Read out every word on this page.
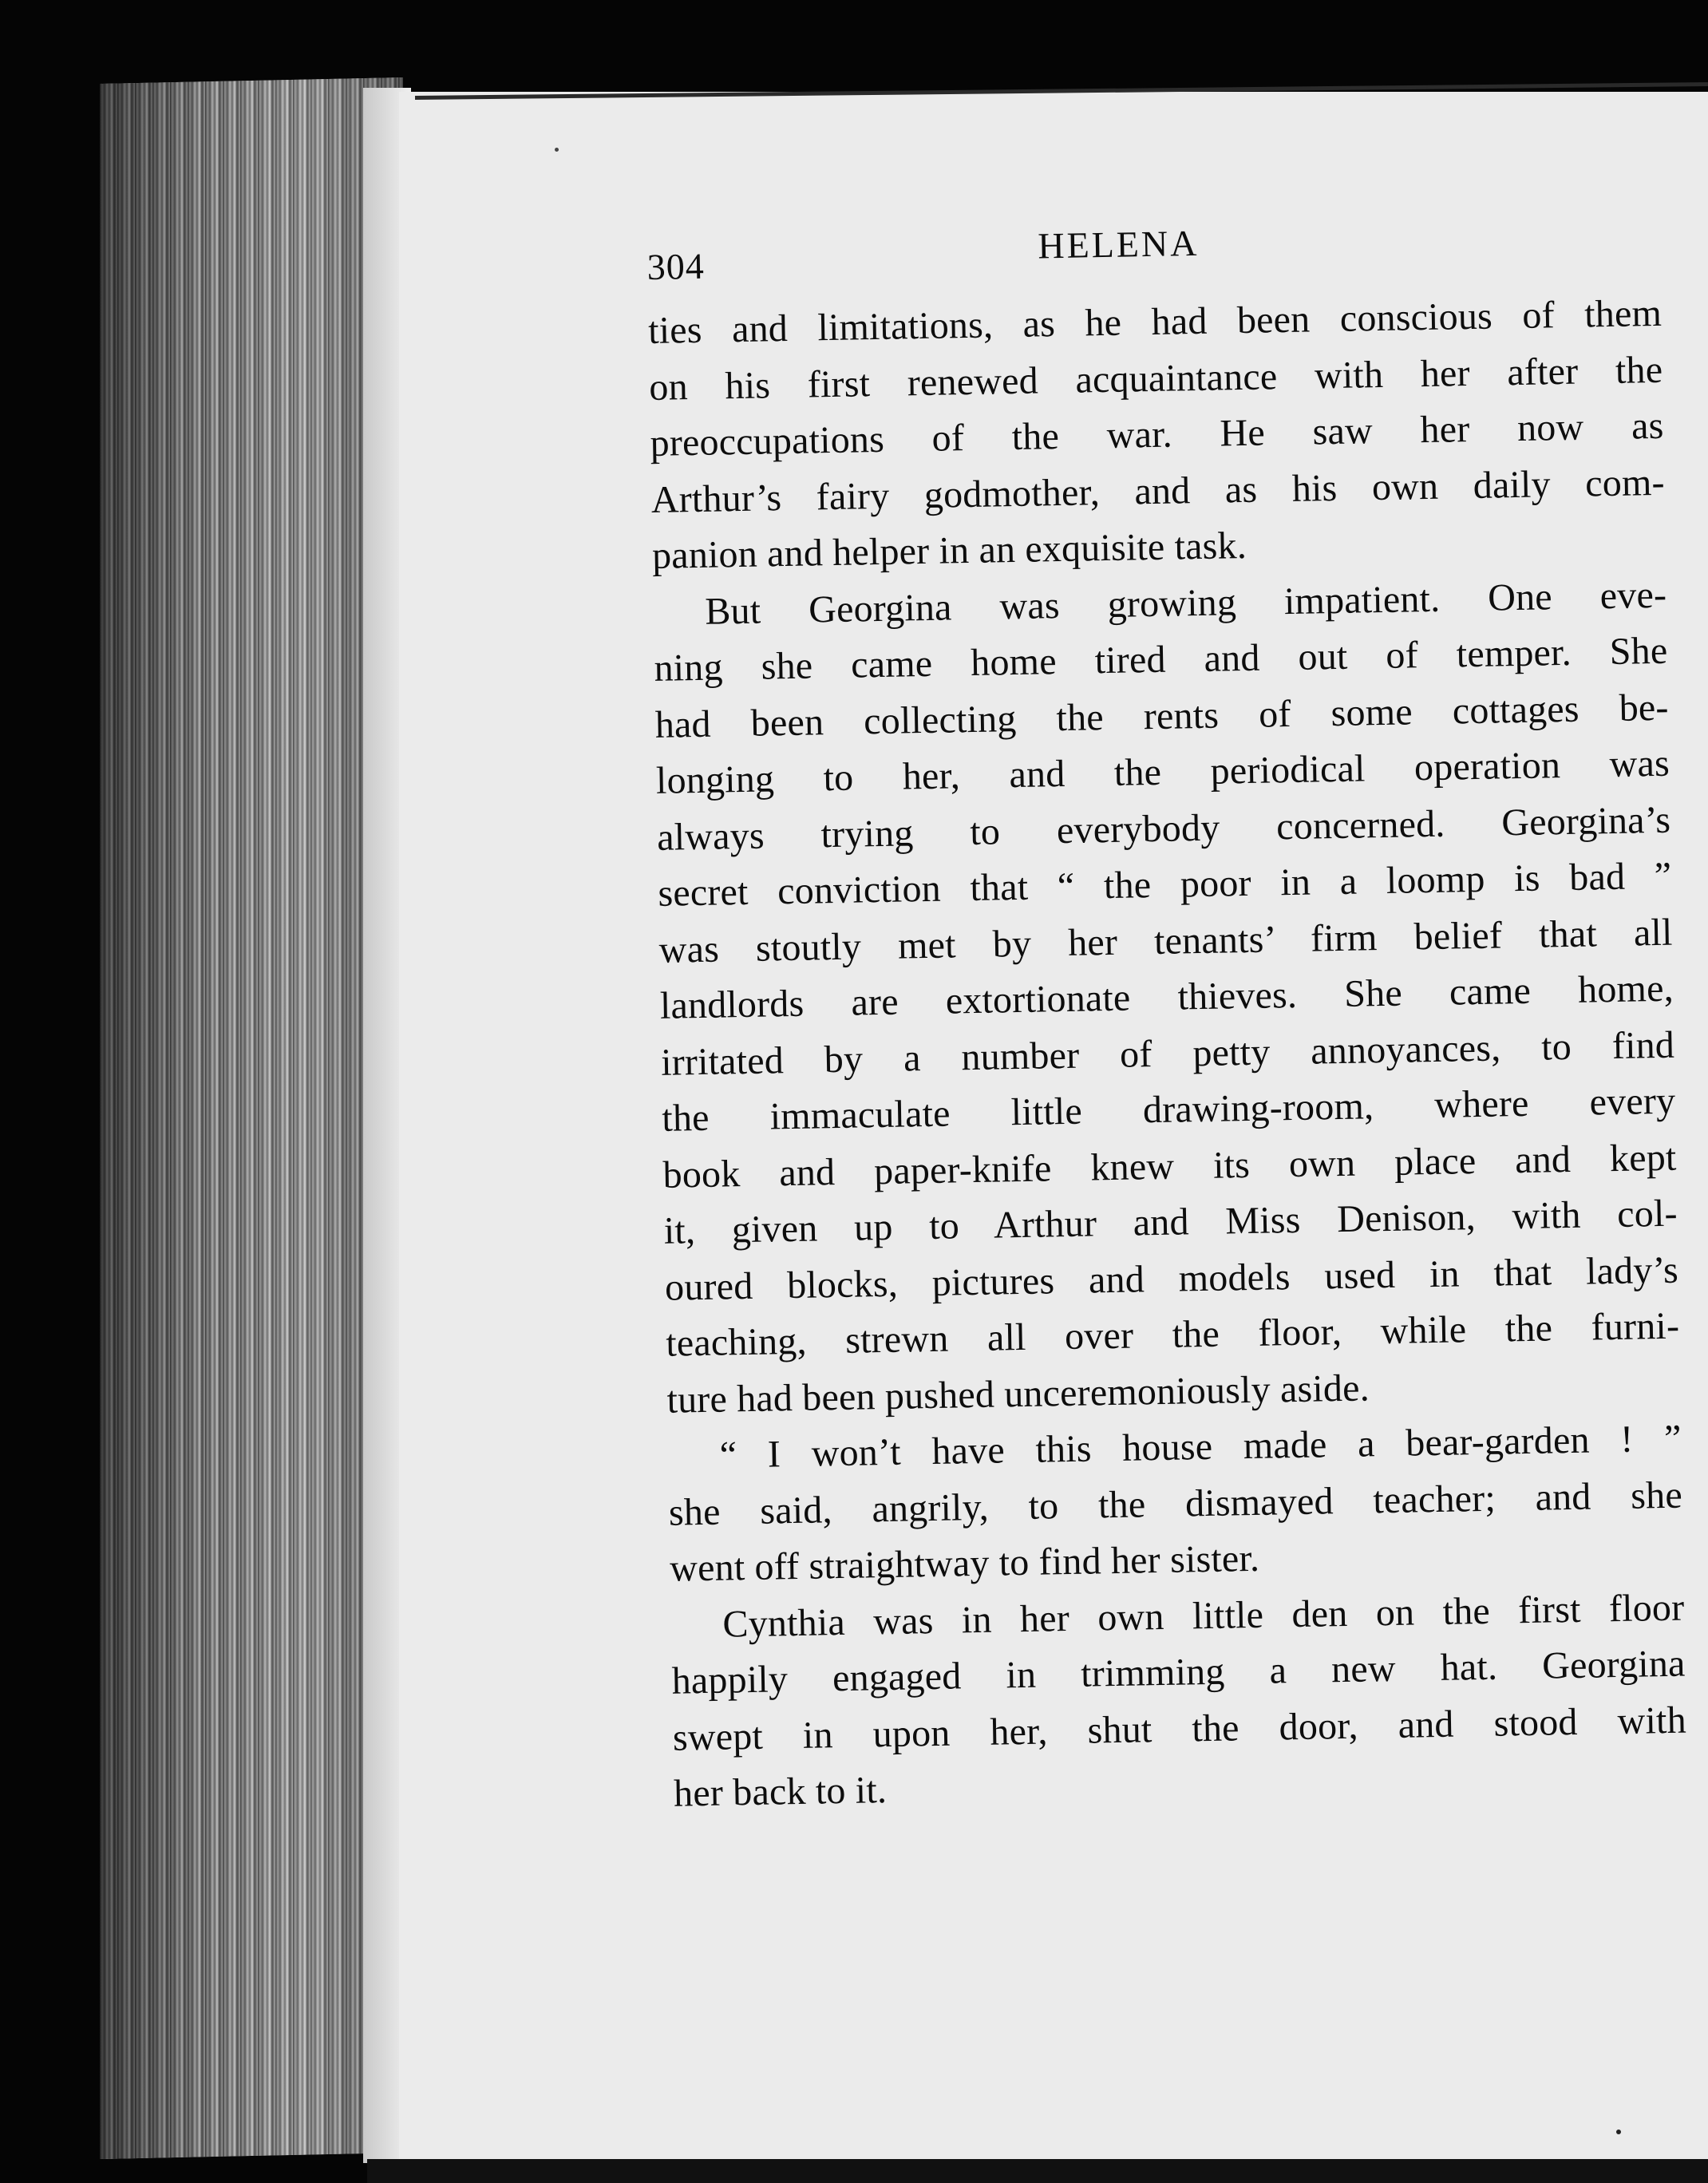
304
HELENA
ties and limitations, as he had been conscious of them
on his first renewed acquaintance with her after the
preoccupations of the war. He saw her now as
Arthur’s fairy godmother, and as his own daily com-
panion and helper in an exquisite task.
But Georgina was growing impatient. One eve-
ning she came home tired and out of temper. She
had been collecting the rents of some cottages be-
longing to her, and the periodical operation was
always trying to everybody concerned. Georgina’s
secret conviction that “ the poor in a loomp is bad ”
was stoutly met by her tenants’ firm belief that all
landlords are extortionate thieves. She came home,
irritated by a number of petty annoyances, to find
the immaculate little drawing-room, where every
book and paper-knife knew its own place and kept
it, given up to Arthur and Miss Denison, with col-
oured blocks, pictures and models used in that lady’s
teaching, strewn all over the floor, while the furni-
ture had been pushed unceremoniously aside.
“ I won’t have this house made a bear-garden ! ”
she said, angrily, to the dismayed teacher; and she
went off straightway to find her sister.
Cynthia was in her own little den on the first floor
happily engaged in trimming a new hat. Georgina
swept in upon her, shut the door, and stood with
her back to it.
